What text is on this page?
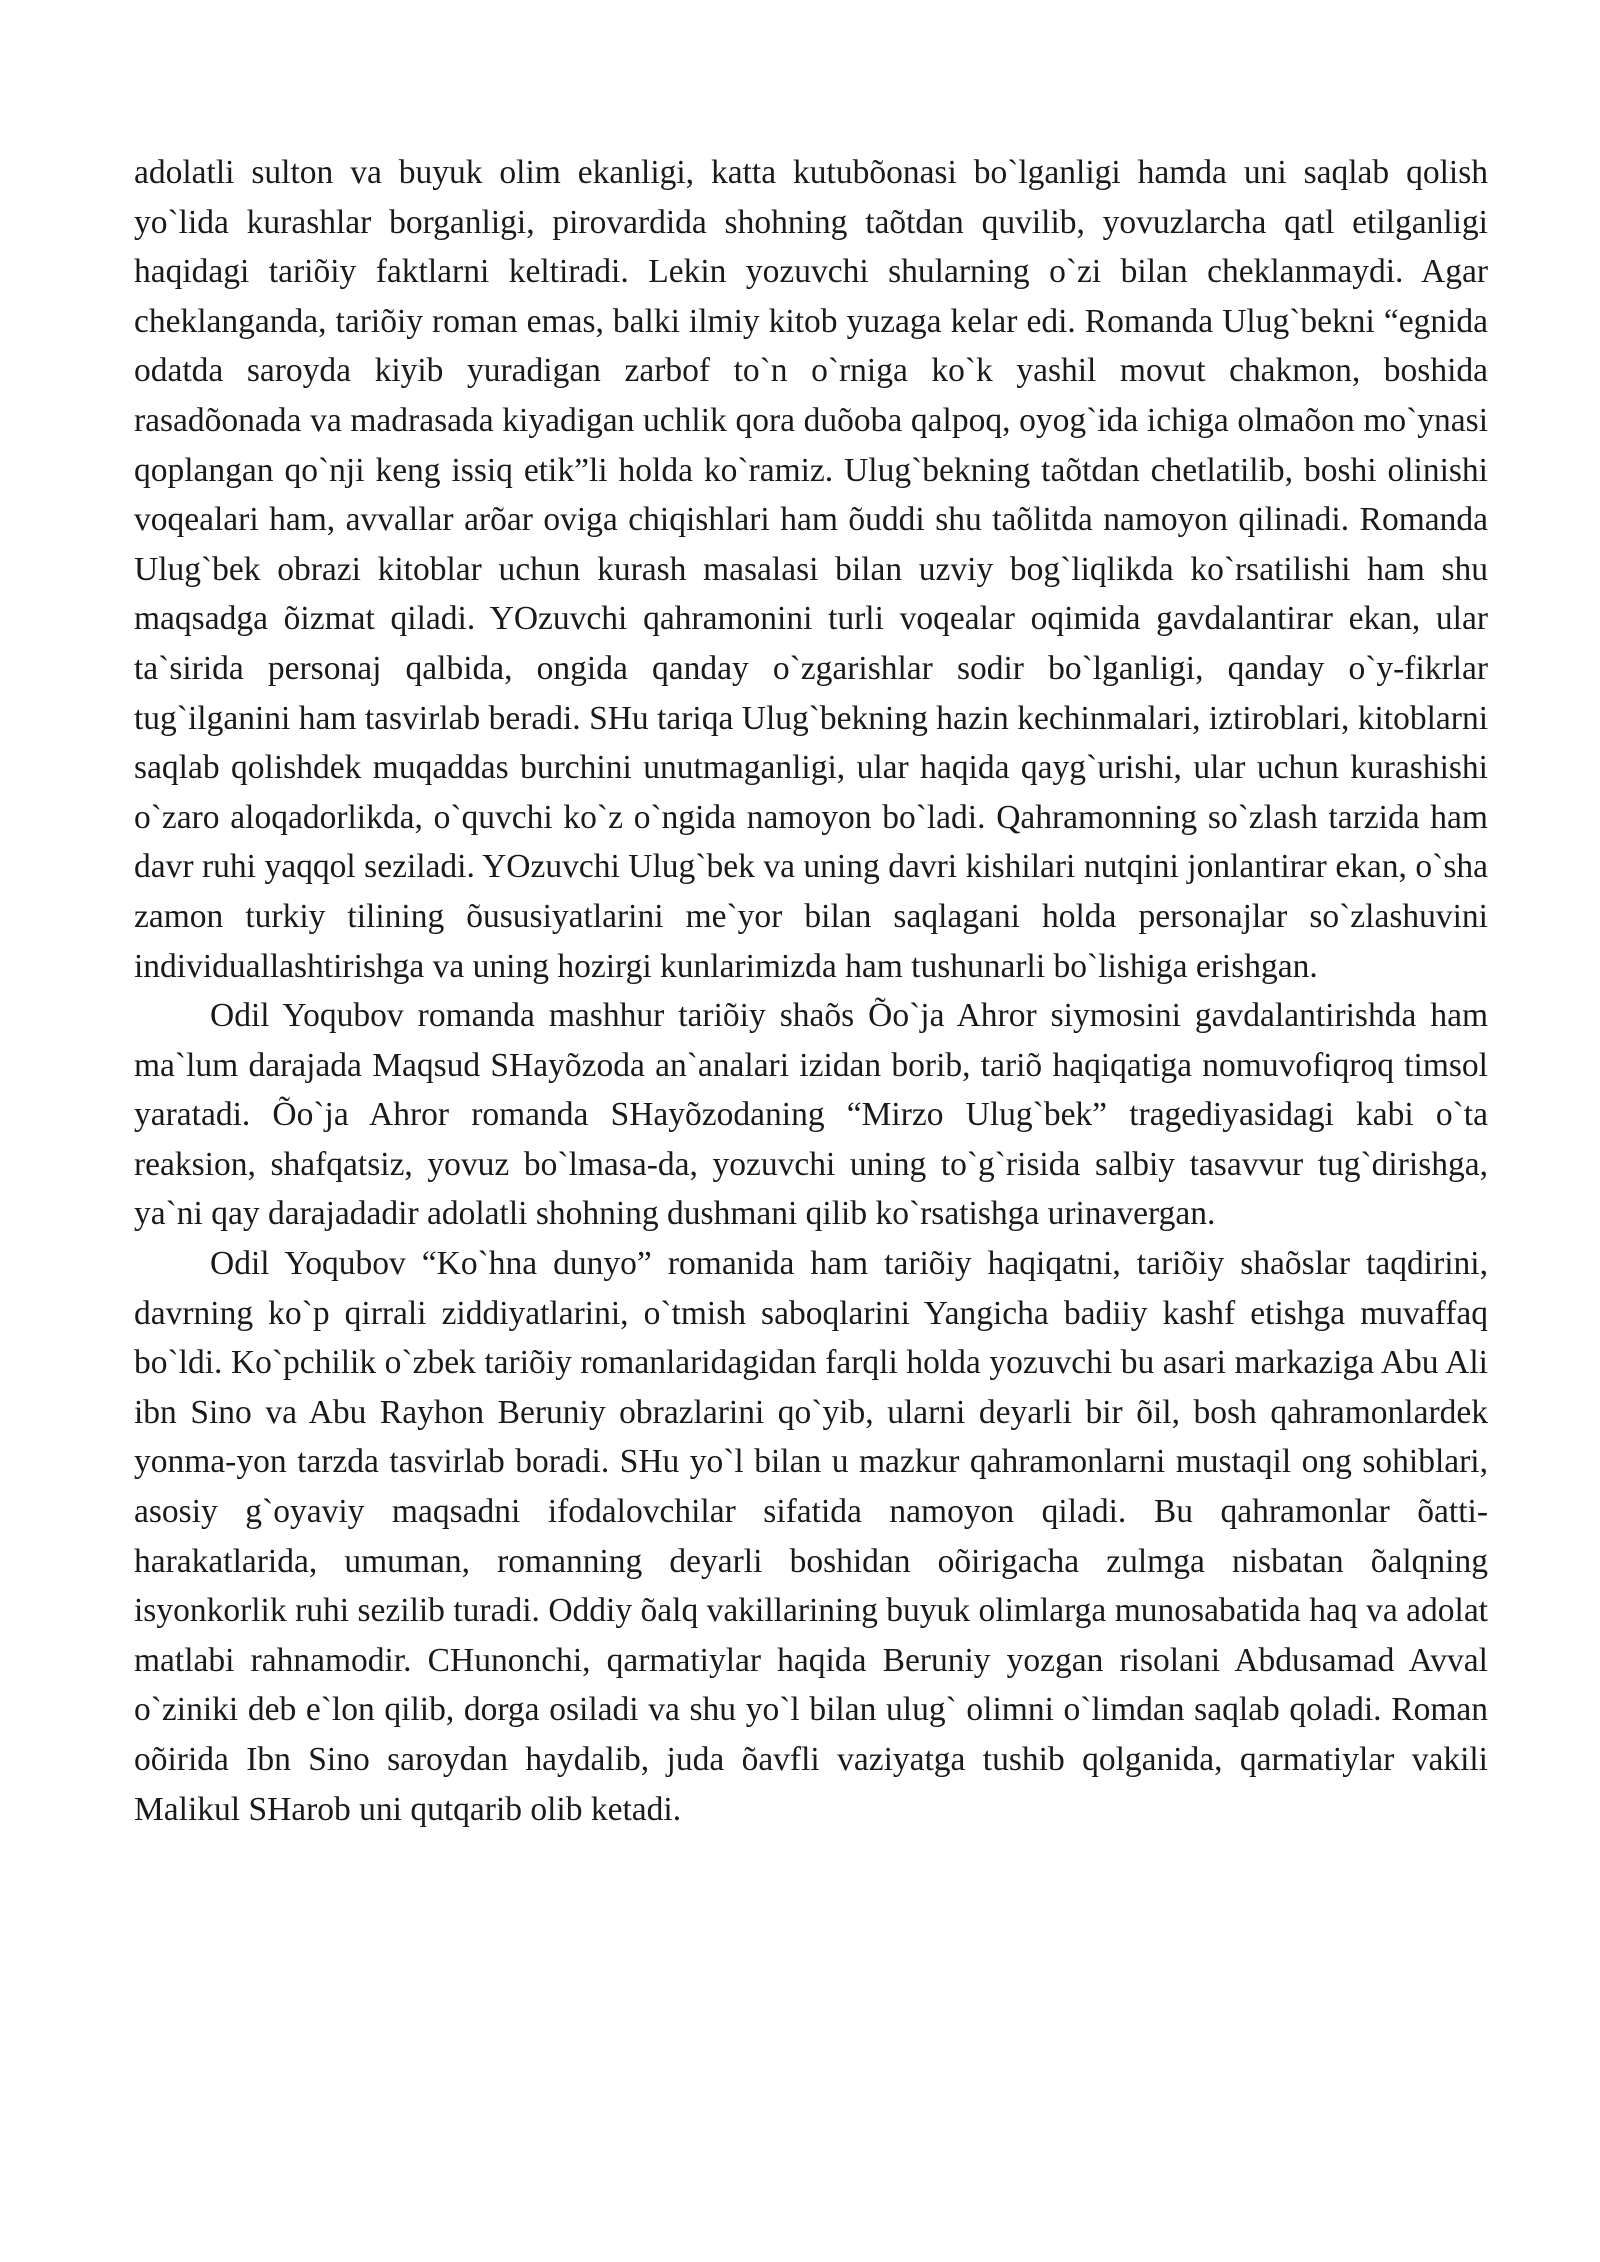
adolatli sulton va buyuk olim ekanligi, katta kutubõonasi bo`lganligi hamda uni saqlab qolish yo`lida kurashlar borganligi, pirovardida shohning taõtdan quvilib, yovuzlarcha qatl etilganligi haqidagi tariõiy faktlarni keltiradi. Lekin yozuvchi shularning o`zi bilan cheklanmaydi. Agar cheklanganda, tariõiy roman emas, balki ilmiy kitob yuzaga kelar edi. Romanda Ulug`bekni “egnida odatda saroyda kiyib yuradigan zarbof to`n o`rniga ko`k yashil movut chakmon, boshida rasadõonada va madrasada kiyadigan uchlik qora duõoba qalpoq, oyog`ida ichiga olmaõon mo`ynasi qoplangan qo`nji keng issiq etik”li holda ko`ramiz. Ulug`bekning taõtdan chetlatilib, boshi olinishi voqealari ham, avvallar arõar oviga chiqishlari ham õuddi shu taõlitda namoyon qilinadi. Romanda Ulug`bek obrazi kitoblar uchun kurash masalasi bilan uzviy bog`liqlikda ko`rsatilishi ham shu maqsadga õizmat qiladi. YOzuvchi qahramonini turli voqealar oqimida gavdalantirar ekan, ular ta`sirida personaj qalbida, ongida qanday o`zgarishlar sodir bo`lganligi, qanday o`y-fikrlar tug`ilganini ham tasvirlab beradi. SHu tariqa Ulug`bekning hazin kechinmalari, iztiroblari, kitoblarni saqlab qolishdek muqaddas burchini unutmaganligi, ular haqida qayg`urishi, ular uchun kurashishi o`zaro aloqadorlikda, o`quvchi ko`z o`ngida namoyon bo`ladi. Qahramonning so`zlash tarzida ham davr ruhi yaqqol seziladi. YOzuvchi Ulug`bek va uning davri kishilari nutqini jonlantirar ekan, o`sha zamon turkiy tilining õususiyatlarini me`yor bilan saqlagani holda personajlar so`zlashuvini individuallashtirishga va uning hozirgi kunlarimizda ham tushunarli bo`lishiga erishgan.

Odil Yoqubov romanda mashhur tariõiy shaõs Õo`ja Ahror siymosini gavdalantirishda ham ma`lum darajada Maqsud SHayõzoda an`analari izidan borib, tariõ haqiqatiga nomuvofiqroq timsol yaratadi. Õo`ja Ahror romanda SHayõzodaning “Mirzo Ulug`bek” tragediyasidagi kabi o`ta reaksion, shafqatsiz, yovuz bo`lmasa-da, yozuvchi uning to`g`risida salbiy tasavvur tug`dirishga, ya`ni qay darajadadir adolatli shohning dushmani qilib ko`rsatishga urinavergan.

Odil Yoqubov “Ko`hna dunyo” romanida ham tariõiy haqiqatni, tariõiy shaõslar taqdirini, davrning ko`p qirrali ziddiyatlarini, o`tmish saboqlarini Yangicha badiiy kashf etishga muvaffaq bo`ldi. Ko`pchilik o`zbek tariõiy romanlaridagidan farqli holda yozuvchi bu asari markaziga Abu Ali ibn Sino va Abu Rayhon Beruniy obrazlarini qo`yib, ularni deyarli bir õil, bosh qahramonlardek yonma-yon tarzda tasvirlab boradi. SHu yo`l bilan u mazkur qahramonlarni mustaqil ong sohiblari, asosiy g`oyaviy maqsadni ifodalovchilar sifatida namoyon qiladi. Bu qahramonlar õatti-harakatlarida, umuman, romanning deyarli boshidan oõirigacha zulmga nisbatan õalqning isyonkorlik ruhi sezilib turadi. Oddiy õalq vakillarining buyuk olimlarga munosabatida haq va adolat matlabi rahnamodir. CHunonchi, qarmatiylar haqida Beruniy yozgan risolani Abdusamad Avval o`ziniki deb e`lon qilib, dorga osiladi va shu yo`l bilan ulug` olimni o`limdan saqlab qoladi. Roman oõirida Ibn Sino saroydan haydalib, juda õavfli vaziyatga tushib qolganida, qarmatiylar vakili Malikul SHarob uni qutqarib olib ketadi.
